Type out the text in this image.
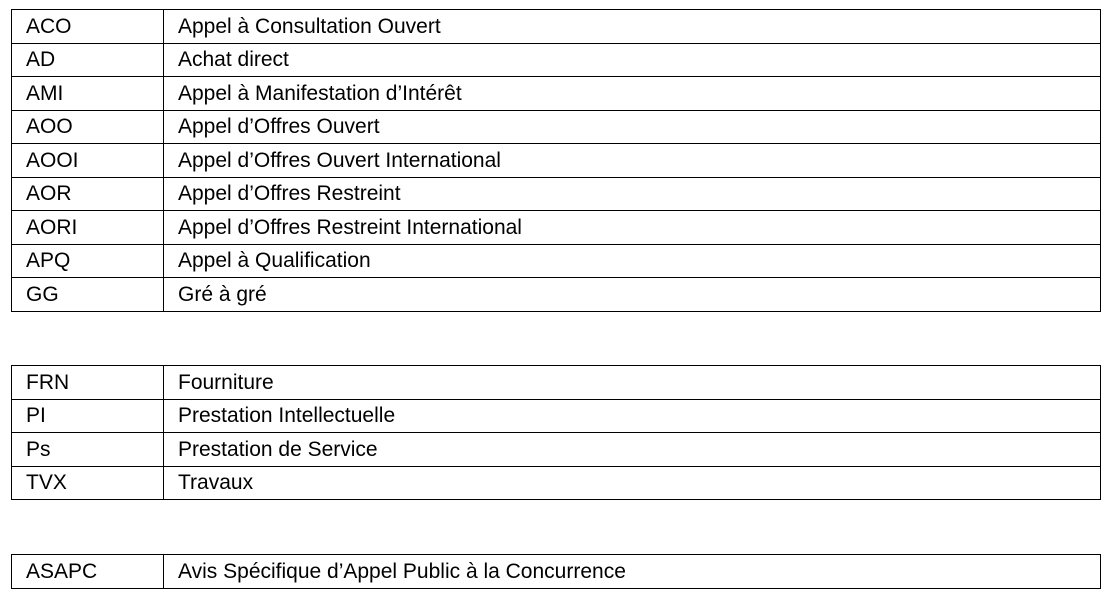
ACO	Appel à Consultation Ouvert
AD	Achat direct
AMI	Appel à Manifestation d’Intérêt
AOO	Appel d’Offres Ouvert
AOOI	Appel d’Offres Ouvert International
AOR	Appel d’Offres Restreint
AORI	Appel d’Offres Restreint International
APQ	Appel à Qualification
GG	Gré à gré
FRN	Fourniture
PI	Prestation Intellectuelle
Ps	Prestation de Service
TVX	Travaux
ASAPC	Avis Spécifique d’Appel Public à la Concurrence
